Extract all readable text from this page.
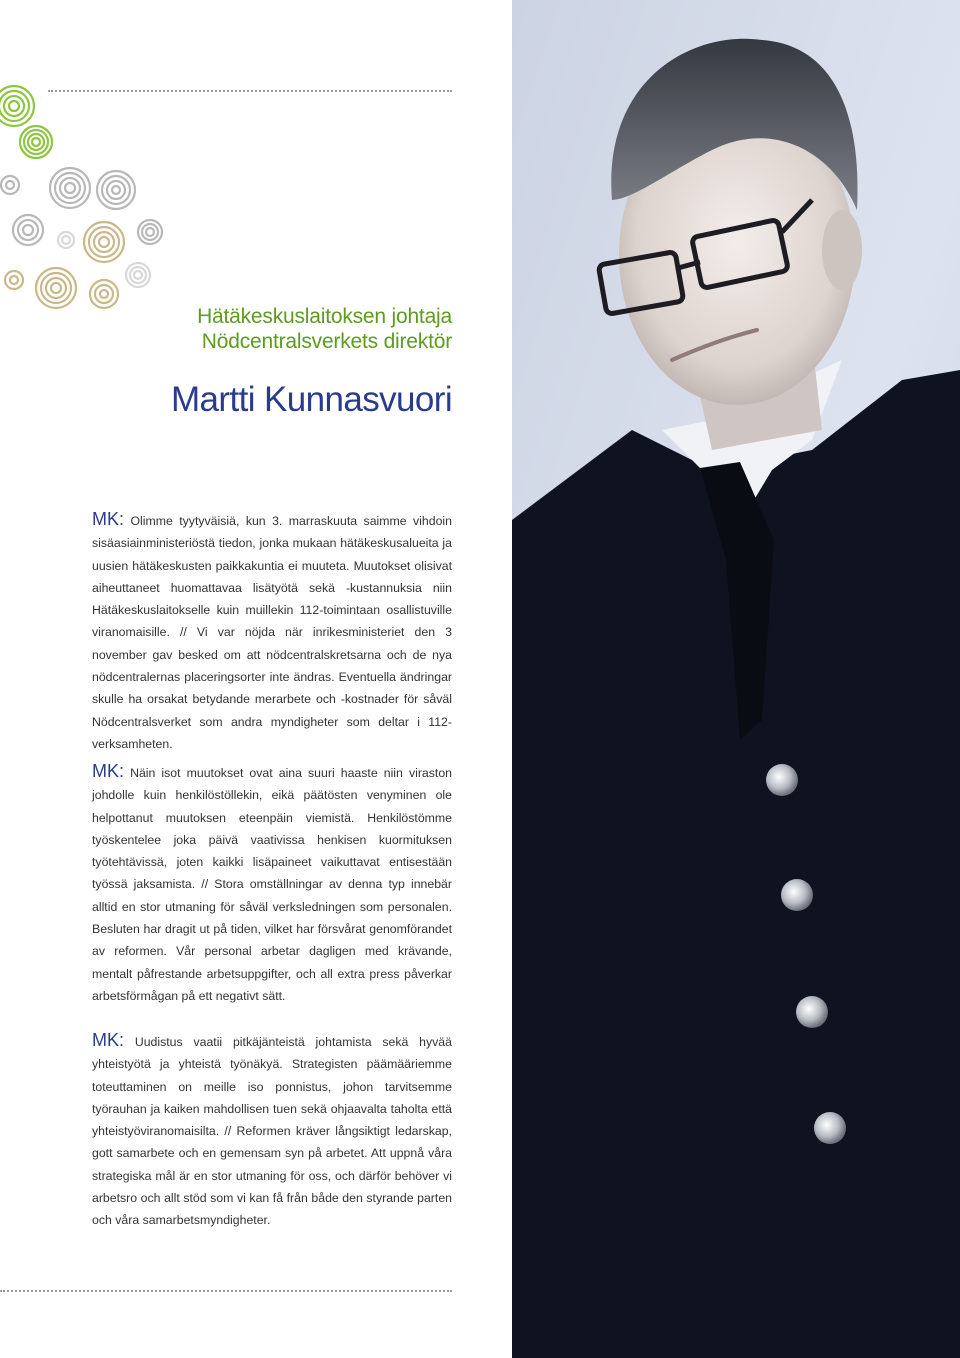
Hätäkeskuslaitoksen johtaja
Nödcentralsverkets direktör
Martti Kunnasvuori

MK: Olimme tyytyväisiä, kun 3. marraskuuta saimme vihdoin sisäasiainministeriöstä tiedon, jonka mukaan hätäkeskusalueita ja uusien hätäkeskusten paikkakuntia ei muuteta. Muutokset olisivat aiheuttaneet huomattavaa lisätyötä sekä -kustannuksia niin Hätäkeskuslaitokselle kuin muillekin 112-toimintaan osallistuville viranomaisille. // Vi var nöjda när inrikesministeriet den 3 november gav besked om att nödcentralskretsarna och de nya nödcentralernas placeringsorter inte ändras. Eventuella ändringar skulle ha orsakat betydande merarbete och -kostnader för såväl Nödcentralsverket som andra myndigheter som deltar i 112-verksamheten.

MK: Näin isot muutokset ovat aina suuri haaste niin viraston johdolle kuin henkilöstöllekin, eikä päätösten venyminen ole helpottanut muutoksen eteenpäin viemistä. Henkilöstömme työskentelee joka päivä vaativissa henkisen kuormituksen työtehtävissä, joten kaikki lisäpaineet vaikuttavat entisestään työssä jaksamista. // Stora omställningar av denna typ innebär alltid en stor utmaning för såväl verksledningen som personalen. Besluten har dragit ut på tiden, vilket har försvårat genomförandet av reformen. Vår personal arbetar dagligen med krävande, mentalt påfrestande arbetsuppgifter, och all extra press påverkar arbetsförmågan på ett negativt sätt.

MK: Uudistus vaatii pitkäjänteistä johtamista sekä hyvää yhteistyötä ja yhteistä työnäkyä. Strategisten päämääriemme toteuttaminen on meille iso ponnistus, johon tarvitsemme työrauhan ja kaiken mahdollisen tuen sekä ohjaavalta taholta että yhteistyöviranomaisilta. // Reformen kräver långsiktigt ledarskap, gott samarbete och en gemensam syn på arbetet. Att uppnå våra strategiska mål är en stor utmaning för oss, och därför behöver vi arbetsro och allt stöd som vi kan få från både den styrande parten och våra samarbetsmyndigheter.
